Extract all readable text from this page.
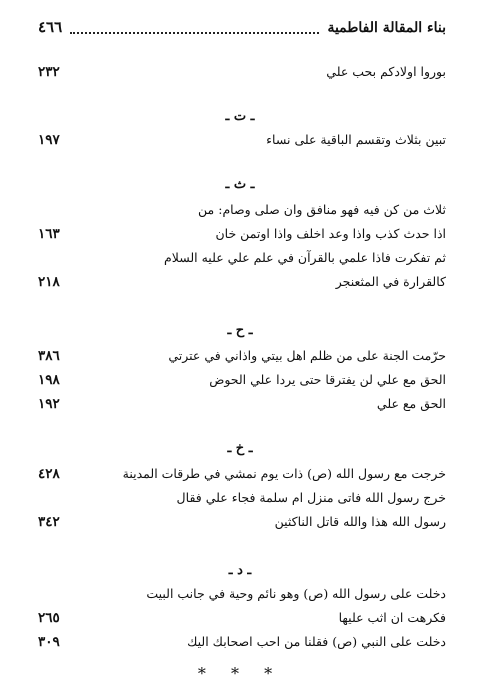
بناء المقالة الفاطمية
٤٦٦
بوروا اولادكم بحب علي
٢٣٢
ـ ت ـ
تبين بثلاث وتقسم الباقية على نساء
١٩٧
ـ ث ـ
ثلاث من كن فيه فهو منافق وان صلى وصام: من
اذا حدث كذب واذا وعد اخلف واذا اوتمن خان
١٦٣
ثم تفكرت فاذا علمي بالقرآن في علم علي عليه السلام
كالقرارة في المثعنجر
٢١٨
ـ ح ـ
حرّمت الجنة على من ظلم اهل بيتي واذاني في عترتي
٣٨٦
الحق مع علي لن يفترقا حتى يردا علي الحوض
١٩٨
الحق مع علي
١٩٢
ـ خ ـ
خرجت مع رسول الله (ص) ذات يوم نمشي في طرقات المدينة
٤٢٨
خرج رسول الله فاتى منزل ام سلمة فجاء علي فقال
رسول الله هذا والله قاتل الناكثين
٣٤٢
ـ د ـ
دخلت على رسول الله (ص) وهو نائم وحية في جانب البيت
فكرهت ان اثب عليها
٢٦٥
دخلت على النبي (ص) فقلنا من احب اصحابك اليك
٣٠٩
* * *
